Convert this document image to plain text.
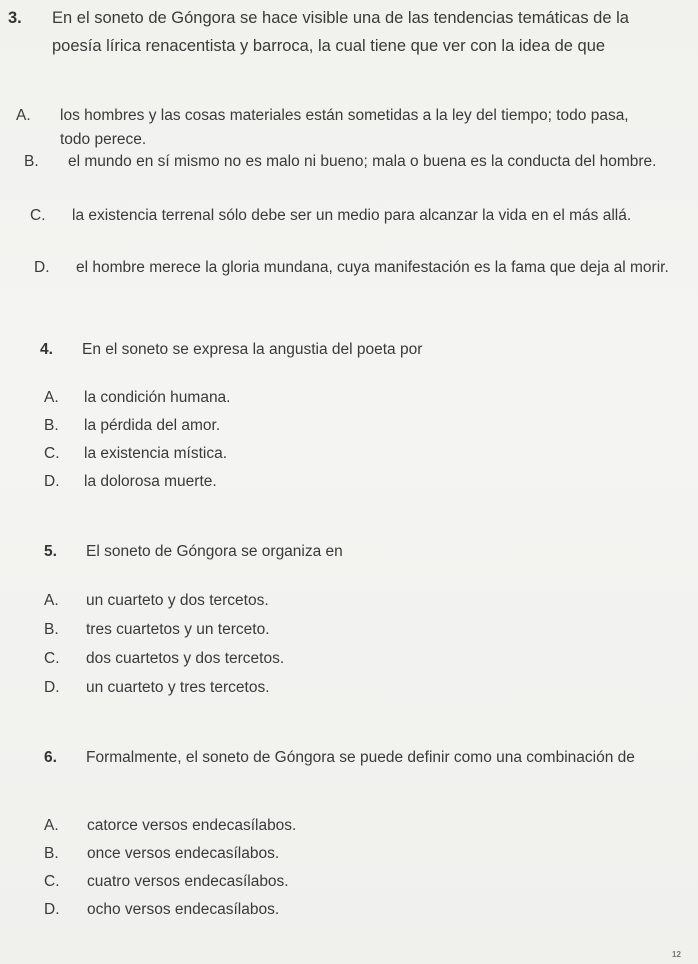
3. En el soneto de Góngora se hace visible una de las tendencias temáticas de la poesía lírica renacentista y barroca, la cual tiene que ver con la idea de que
A. los hombres y las cosas materiales están sometidas a la ley del tiempo; todo pasa, todo perece.
B. el mundo en sí mismo no es malo ni bueno; mala o buena es la conducta del hombre.
C. la existencia terrenal sólo debe ser un medio para alcanzar la vida en el más allá.
D. el hombre merece la gloria mundana, cuya manifestación es la fama que deja al morir.
4. En el soneto se expresa la angustia del poeta por
A. la condición humana.
B. la pérdida del amor.
C. la existencia mística.
D. la dolorosa muerte.
5. El soneto de Góngora se organiza en
A. un cuarteto y dos tercetos.
B. tres cuartetos y un terceto.
C. dos cuartetos y dos tercetos.
D. un cuarteto y tres tercetos.
6. Formalmente, el soneto de Góngora se puede definir como una combinación de
A. catorce versos endecasílabos.
B. once versos endecasílabos.
C. cuatro versos endecasílabos.
D. ocho versos endecasílabos.
12
